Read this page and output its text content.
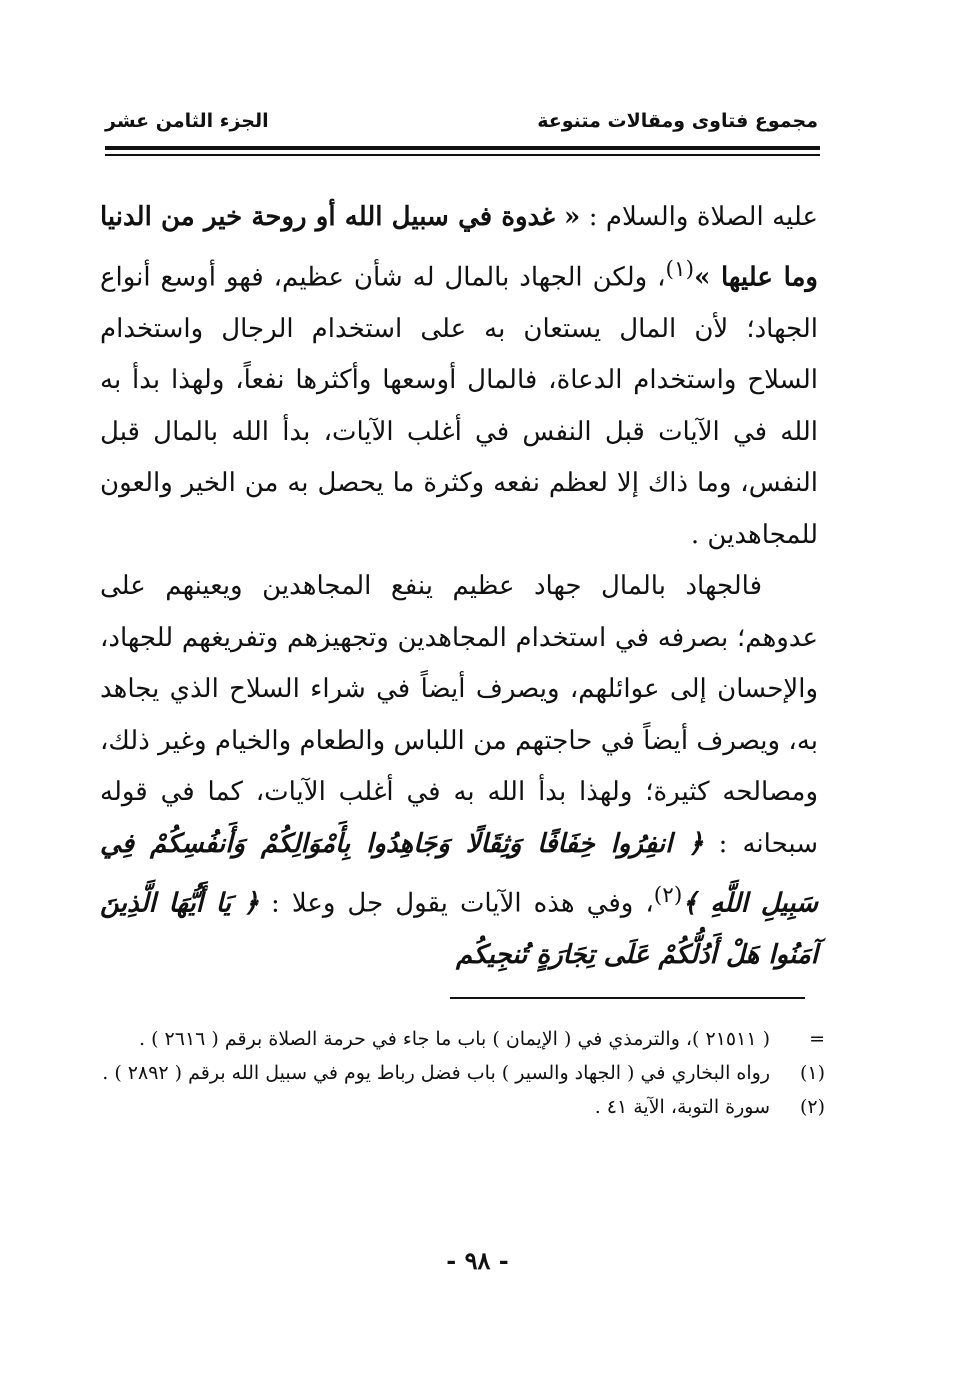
مجموع فتاوى ومقالات متنوعة
الجزء الثامن عشر

عليه الصلاة والسلام : « غدوة في سبيل الله أو روحة خير من الدنيا وما عليها »$^{(١)}$، ولكن الجهاد بالمال له شأن عظيم، فهو أوسع أنواع الجهاد؛ لأن المال يستعان به على استخدام الرجال واستخدام السلاح واستخدام الدعاة، فالمال أوسعها وأكثرها نفعاً، ولهذا بدأ به الله في الآيات قبل النفس في أغلب الآيات، بدأ الله بالمال قبل النفس، وما ذاك إلا لعظم نفعه وكثرة ما يحصل به من الخير والعون للمجاهدين .

فالجهاد بالمال جهاد عظيم ينفع المجاهدين ويعينهم على عدوهم؛ بصرفه في استخدام المجاهدين وتجهيزهم وتفريغهم للجهاد، والإحسان إلى عوائلهم، ويصرف أيضاً في شراء السلاح الذي يجاهد به، ويصرف أيضاً في حاجتهم من اللباس والطعام والخيام وغير ذلك، ومصالحه كثيرة؛ ولهذا بدأ الله به في أغلب الآيات، كما في قوله سبحانه : ﴿ انفِرُوا خِفَافًا وَثِقَالًا وَجَاهِدُوا بِأَمْوَالِكُمْ وَأَنفُسِكُمْ فِي سَبِيلِ اللَّهِ ﴾$^{(٢)}$، وفي هذه الآيات يقول جل وعلا : ﴿ يَا أَيُّهَا الَّذِينَ آمَنُوا هَلْ أَدُلُّكُمْ عَلَى تِجَارَةٍ تُنجِيكُم

=
( ٢١٥١١ )، والترمذي في ( الإيمان ) باب ما جاء في حرمة الصلاة برقم ( ٢٦١٦ ) .
(١)
رواه البخاري في ( الجهاد والسير ) باب فضل رباط يوم في سبيل الله برقم ( ٢٨٩٢ ) .
(٢)
سورة التوبة، الآية ٤١ .
- ٩٨ -
